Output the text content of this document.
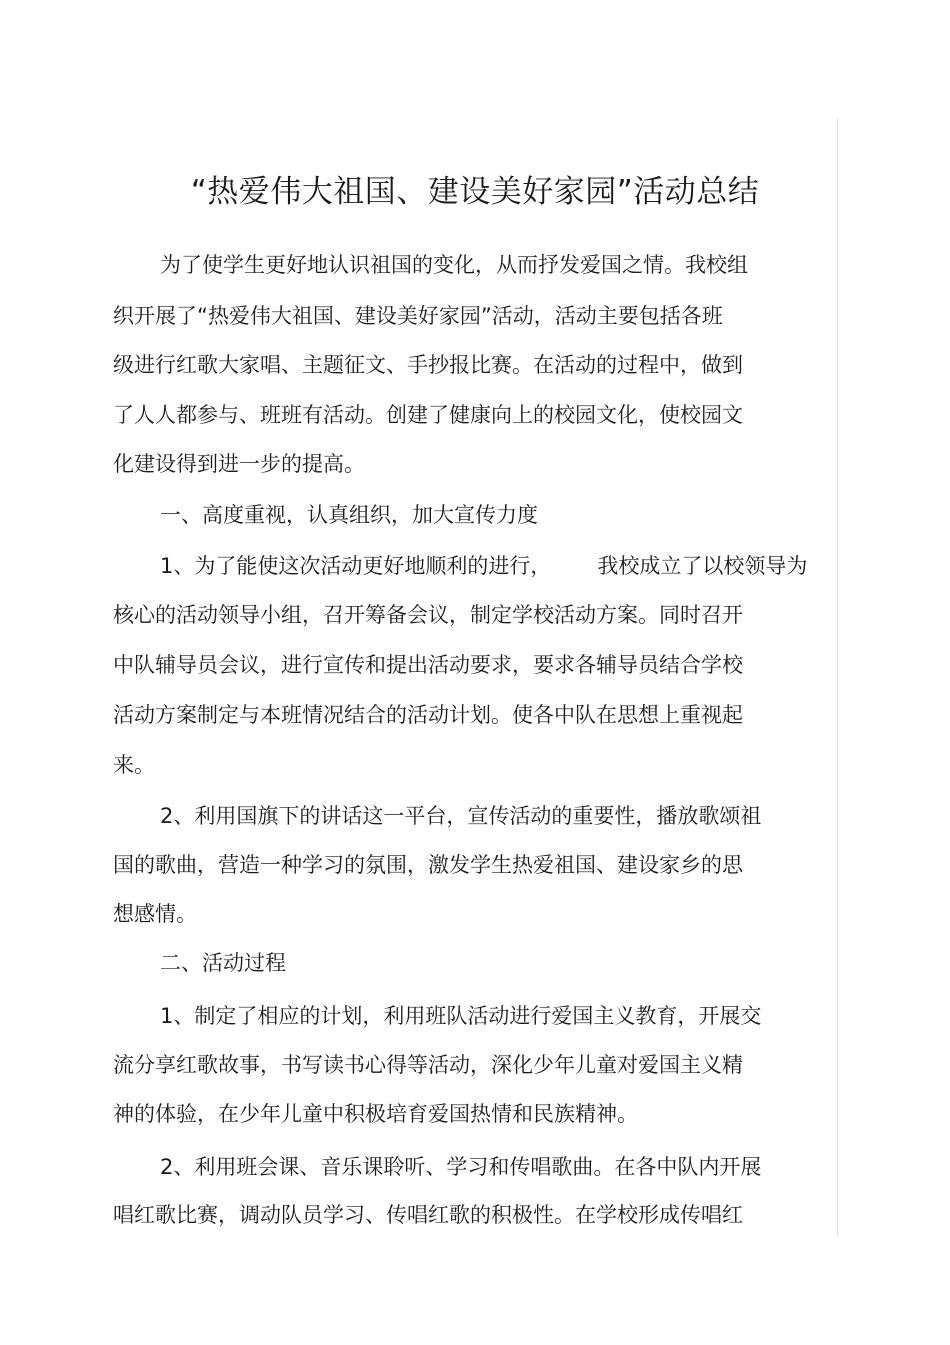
“热爱伟大祖国、建设美好家园”活动总结
为了使学生更好地认识祖国的变化，从而抒发爱国之情。我校组
织开展了“热爱伟大祖国、建设美好家园”活动，活动主要包括各班
级进行红歌大家唱、主题征文、手抄报比赛。在活动的过程中，做到
了人人都参与、班班有活动。创建了健康向上的校园文化，使校园文
化建设得到进一步的提高。
一、高度重视，认真组织，加大宣传力度
1、为了能使这次活动更好地顺利的进行， 我校成立了以校领导为
核心的活动领导小组，召开筹备会议，制定学校活动方案。同时召开
中队辅导员会议，进行宣传和提出活动要求，要求各辅导员结合学校
活动方案制定与本班情况结合的活动计划。使各中队在思想上重视起
来。
2、利用国旗下的讲话这一平台，宣传活动的重要性，播放歌颂祖
国的歌曲，营造一种学习的氛围，激发学生热爱祖国、建设家乡的思
想感情。
二、活动过程
1、制定了相应的计划，利用班队活动进行爱国主义教育，开展交
流分享红歌故事，书写读书心得等活动，深化少年儿童对爱国主义精
神的体验，在少年儿童中积极培育爱国热情和民族精神。
2、利用班会课、音乐课聆听、学习和传唱歌曲。在各中队内开展
唱红歌比赛，调动队员学习、传唱红歌的积极性。在学校形成传唱红
